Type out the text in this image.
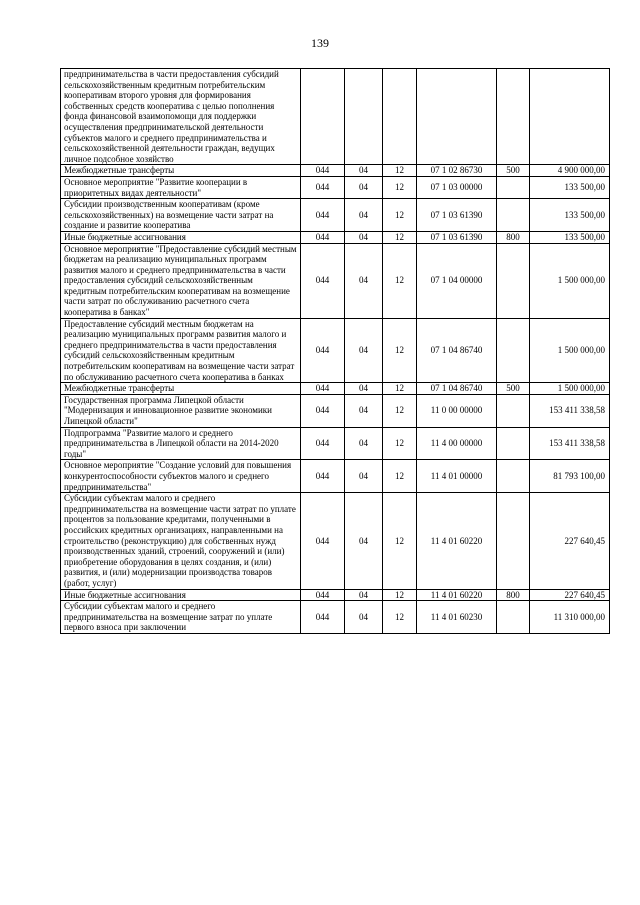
139
предпринимательства в части предоставления субсидий сельскохозяйственным кредитным потребительским кооперативам второго уровня для формирования собственных средств кооператива с целью пополнения фонда финансовой взаимопомощи для поддержки осуществления предпринимательской деятельности субъектов малого и среднего предпринимательства и сельскохозяйственной деятельности граждан, ведущих личное подсобное хозяйство						
Межбюджетные трансферты	044	04	12	07 1 02 86730	500	4 900 000,00
Основное мероприятие "Развитие кооперации в приоритетных видах деятельности"	044	04	12	07 1 03 00000		133 500,00
Субсидии производственным кооперативам (кроме сельскохозяйственных) на возмещение части затрат на создание и развитие кооператива	044	04	12	07 1 03 61390		133 500,00
Иные бюджетные ассигнования	044	04	12	07 1 03 61390	800	133 500,00
Основное мероприятие "Предоставление субсидий местным бюджетам на реализацию муниципальных программ развития малого и среднего предпринимательства в части предоставления субсидий сельскохозяйственным кредитным потребительским кооперативам на возмещение части затрат по обслуживанию расчетного счета кооператива в банках"	044	04	12	07 1 04 00000		1 500 000,00
Предоставление субсидий местным бюджетам на реализацию муниципальных программ развития малого и среднего предпринимательства в части предоставления субсидий сельскохозяйственным кредитным потребительским кооперативам на возмещение части затрат по обслуживанию расчетного счета кооператива в банках	044	04	12	07 1 04 86740		1 500 000,00
Межбюджетные трансферты	044	04	12	07 1 04 86740	500	1 500 000,00
Государственная программа Липецкой области "Модернизация и инновационное развитие экономики Липецкой области"	044	04	12	11 0 00 00000		153 411 338,58
Подпрограмма "Развитие малого и среднего предпринимательства в Липецкой области на 2014-2020 годы"	044	04	12	11 4 00 00000		153 411 338,58
Основное мероприятие "Создание условий для повышения конкурентоспособности субъектов малого и среднего предпринимательства"	044	04	12	11 4 01 00000		81 793 100,00
Субсидии субъектам малого и среднего предпринимательства на возмещение части затрат по уплате процентов за пользование кредитами, полученными в российских кредитных организациях, направленными на строительство (реконструкцию) для собственных нужд производственных зданий, строений, сооружений и (или) приобретение оборудования в целях создания, и (или) развития, и (или) модернизации производства товаров (работ, услуг)	044	04	12	11 4 01 60220		227 640,45
Иные бюджетные ассигнования	044	04	12	11 4 01 60220	800	227 640,45
Субсидии субъектам малого и среднего предпринимательства на возмещение затрат по уплате первого взноса при заключении	044	04	12	11 4 01 60230		11 310 000,00
